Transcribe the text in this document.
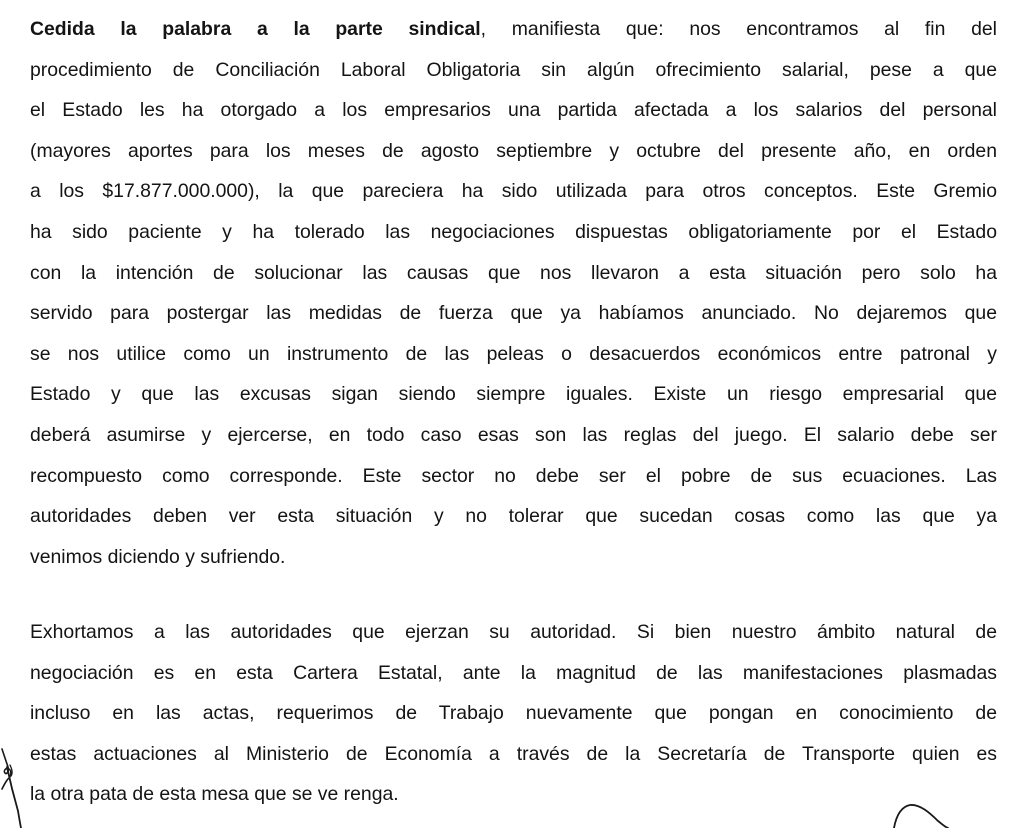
Cedida la palabra a la parte sindical, manifiesta que: nos encontramos al fin del
procedimiento de Conciliación Laboral Obligatoria sin algún ofrecimiento salarial, pese a que
el Estado les ha otorgado a los empresarios una partida afectada a los salarios del personal
(mayores aportes para los meses de agosto septiembre y octubre del presente año, en orden
a los $17.877.000.000), la que pareciera ha sido utilizada para otros conceptos. Este Gremio
ha sido paciente y ha tolerado las negociaciones dispuestas obligatoriamente por el Estado
con la intención de solucionar las causas que nos llevaron a esta situación pero solo ha
servido para postergar las medidas de fuerza que ya habíamos anunciado. No dejaremos que
se nos utilice como un instrumento de las peleas o desacuerdos económicos entre patronal y
Estado y que las excusas sigan siendo siempre iguales. Existe un riesgo empresarial que
deberá asumirse y ejercerse, en todo caso esas son las reglas del juego. El salario debe ser
recompuesto como corresponde. Este sector no debe ser el pobre de sus ecuaciones. Las
autoridades deben ver esta situación y no tolerar que sucedan cosas como las que ya
venimos diciendo y sufriendo.
Exhortamos a las autoridades que ejerzan su autoridad. Si bien nuestro ámbito natural de
negociación es en esta Cartera Estatal, ante la magnitud de las manifestaciones plasmadas
incluso en las actas, requerimos de Trabajo nuevamente que pongan en conocimiento de
estas actuaciones al Ministerio de Economía a través de la Secretaría de Transporte quien es
la otra pata de esta mesa que se ve renga.
